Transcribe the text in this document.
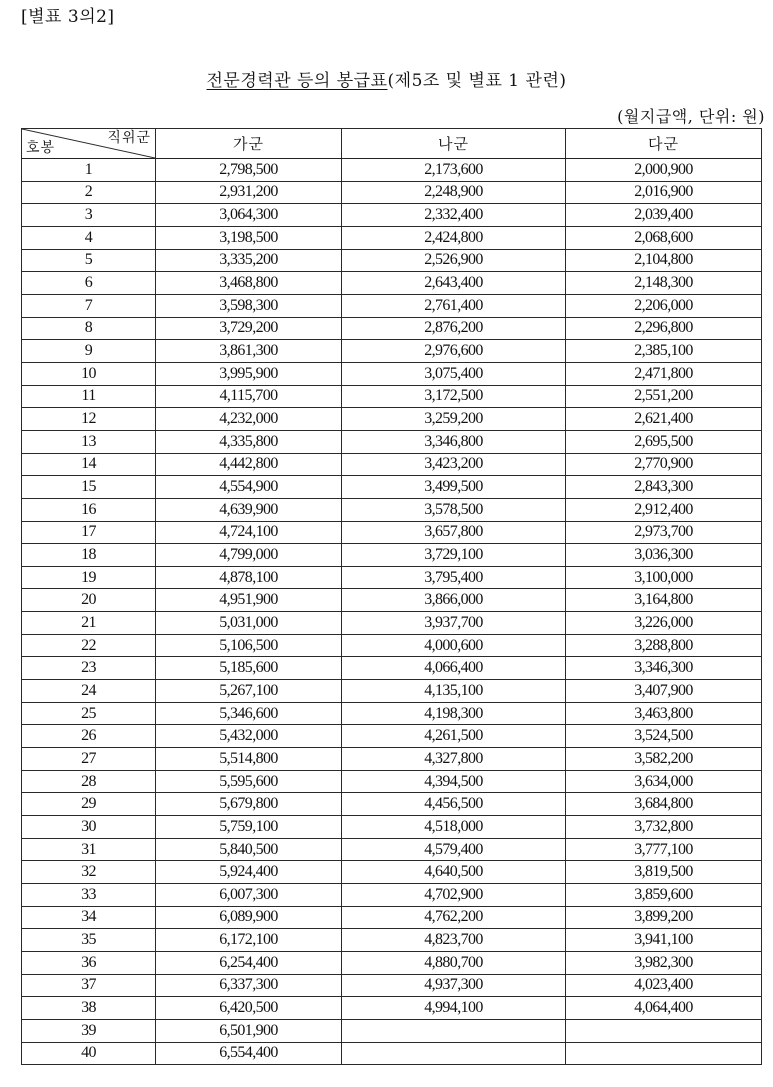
[별표 3의2]
전문경력관 등의 봉급표(제5조 및 별표 1 관련)
(월지급액, 단위: 원)
직위군
호봉	가군	나군	다군
1	2,798,500	2,173,600	2,000,900
2	2,931,200	2,248,900	2,016,900
3	3,064,300	2,332,400	2,039,400
4	3,198,500	2,424,800	2,068,600
5	3,335,200	2,526,900	2,104,800
6	3,468,800	2,643,400	2,148,300
7	3,598,300	2,761,400	2,206,000
8	3,729,200	2,876,200	2,296,800
9	3,861,300	2,976,600	2,385,100
10	3,995,900	3,075,400	2,471,800
11	4,115,700	3,172,500	2,551,200
12	4,232,000	3,259,200	2,621,400
13	4,335,800	3,346,800	2,695,500
14	4,442,800	3,423,200	2,770,900
15	4,554,900	3,499,500	2,843,300
16	4,639,900	3,578,500	2,912,400
17	4,724,100	3,657,800	2,973,700
18	4,799,000	3,729,100	3,036,300
19	4,878,100	3,795,400	3,100,000
20	4,951,900	3,866,000	3,164,800
21	5,031,000	3,937,700	3,226,000
22	5,106,500	4,000,600	3,288,800
23	5,185,600	4,066,400	3,346,300
24	5,267,100	4,135,100	3,407,900
25	5,346,600	4,198,300	3,463,800
26	5,432,000	4,261,500	3,524,500
27	5,514,800	4,327,800	3,582,200
28	5,595,600	4,394,500	3,634,000
29	5,679,800	4,456,500	3,684,800
30	5,759,100	4,518,000	3,732,800
31	5,840,500	4,579,400	3,777,100
32	5,924,400	4,640,500	3,819,500
33	6,007,300	4,702,900	3,859,600
34	6,089,900	4,762,200	3,899,200
35	6,172,100	4,823,700	3,941,100
36	6,254,400	4,880,700	3,982,300
37	6,337,300	4,937,300	4,023,400
38	6,420,500	4,994,100	4,064,400
39	6,501,900		
40	6,554,400		
